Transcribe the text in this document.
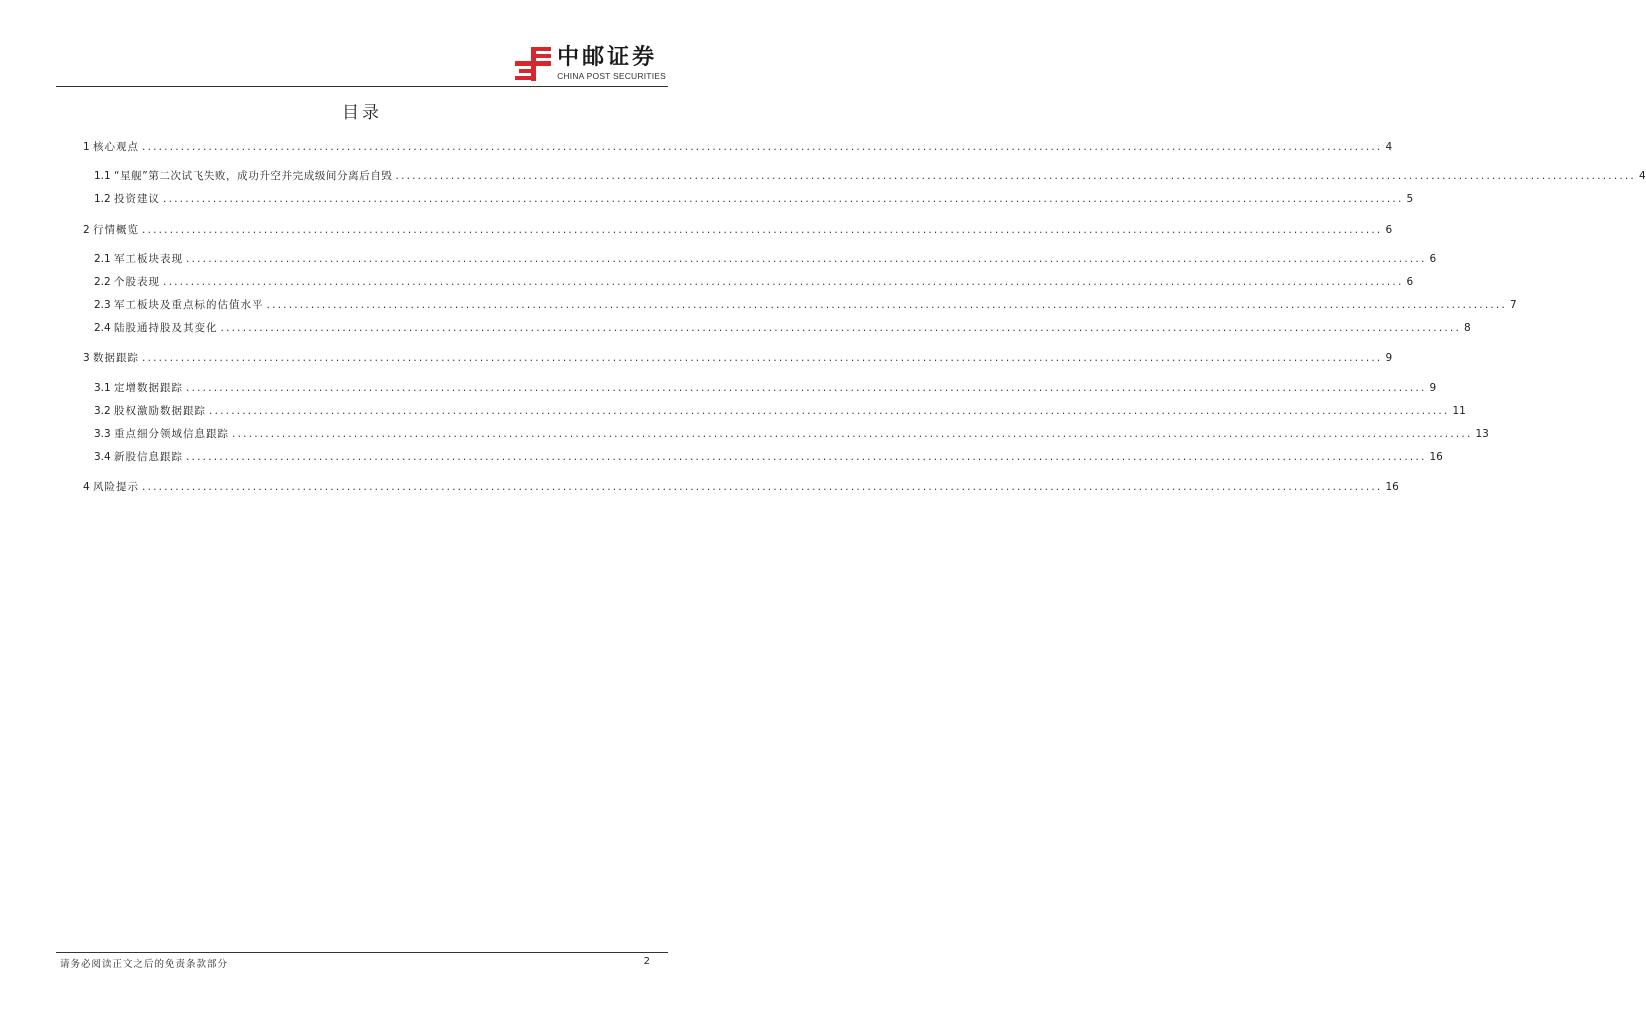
中邮证券
CHINA POST SECURITIES
目录
1 核心观点 ................................................................................................................................................................................................................................ 4
1.1 “星舰”第二次试飞失败，成功升空并完成级间分离后自毁 ................................................................................................................................................................................................................................ 4
1.2 投资建议 ................................................................................................................................................................................................................................ 5
2 行情概览 ................................................................................................................................................................................................................................ 6
2.1 军工板块表现 ................................................................................................................................................................................................................................ 6
2.2 个股表现 ................................................................................................................................................................................................................................ 6
2.3 军工板块及重点标的估值水平 ................................................................................................................................................................................................................................ 7
2.4 陆股通持股及其变化 ................................................................................................................................................................................................................................ 8
3 数据跟踪 ................................................................................................................................................................................................................................ 9
3.1 定增数据跟踪 ................................................................................................................................................................................................................................ 9
3.2 股权激励数据跟踪 ................................................................................................................................................................................................................................ 11
3.3 重点细分领域信息跟踪 ................................................................................................................................................................................................................................ 13
3.4 新股信息跟踪 ................................................................................................................................................................................................................................ 16
4 风险提示 ................................................................................................................................................................................................................................ 16
请务必阅读正文之后的免责条款部分	2
